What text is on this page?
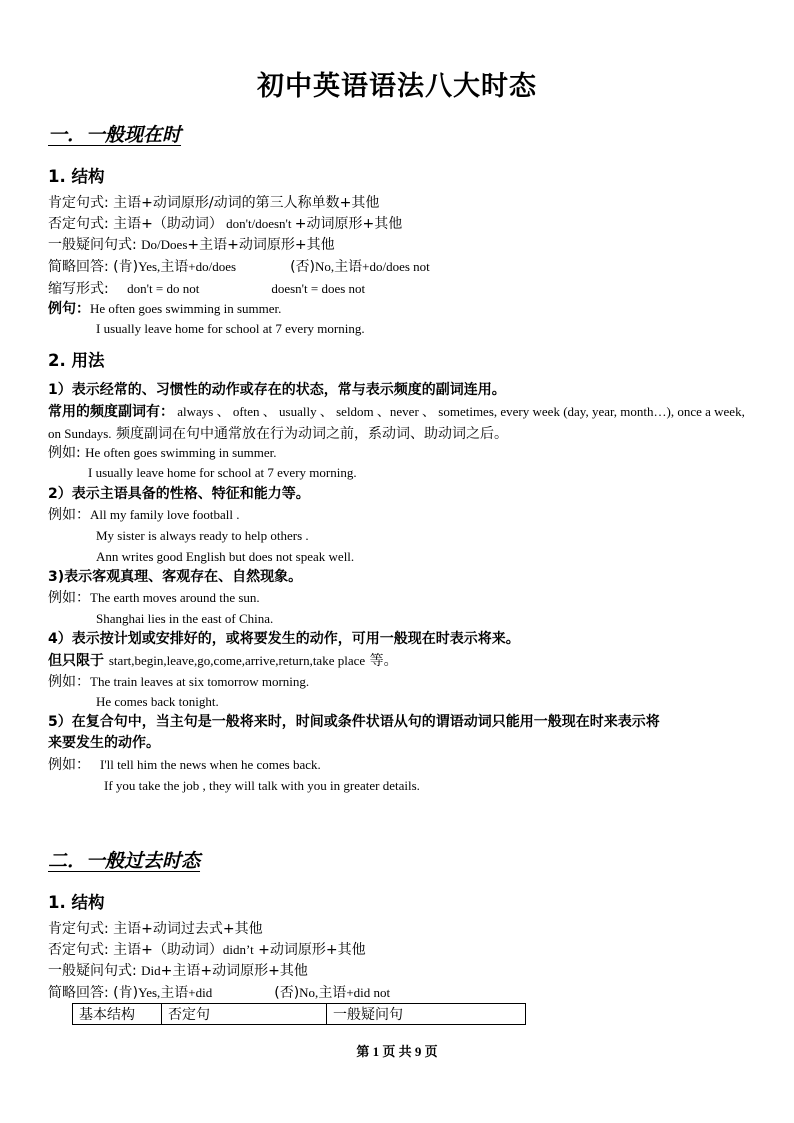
初中英语语法八大时态
一．一般现在时
1. 结构
肯定句式: 主语+动词原形/动词的第三人称单数+其他
否定句式: 主语+（助动词） don't/doesn't +动词原形+其他
一般疑问句式: Do/Does+主语+动词原形+其他
简略回答: (肯)Yes,主语+do/does	(否)No,主语+do/does not
缩写形式: don't = do not	doesn't = does not
例句：He often goes swimming in summer.
I usually leave home for school at 7 every morning.
2. 用法
1）表示经常的、习惯性的动作或存在的状态，常与表示频度的副词连用。
常用的频度副词有： always 、 often 、 usually 、 seldom 、never 、 sometimes, every week (day, year, month…), once a week, on Sundays. 频度副词在句中通常放在行为动词之前，系动词、助动词之后。
例如: He often goes swimming in summer.
I usually leave home for school at 7 every morning.
2）表示主语具备的性格、特征和能力等。
例如：All my family love football .
My sister is always ready to help others .
Ann writes good English but does not speak well.
3)表示客观真理、客观存在、自然现象。
例如：The earth moves around the sun.
Shanghai lies in the east of China.
4）表示按计划或安排好的，或将要发生的动作，可用一般现在时表示将来。
但只限于 start,begin,leave,go,come,arrive,return,take place 等。
例如：The train leaves at six tomorrow morning.
He comes back tonight.
5）在复合句中，当主句是一般将来时，时间或条件状语从句的谓语动词只能用一般现在时来表示将
来要发生的动作。
例如： I'll tell him the news when he comes back.
If you take the job , they will talk with you in greater details.
二．一般过去时态
1. 结构
肯定句式: 主语+动词过去式+其他
否定句式: 主语+（助动词）didn’t +动词原形+其他
一般疑问句式: Did+主语+动词原形+其他
简略回答: (肯)Yes,主语+did	(否)No,主语+did not
基本结构	否定句	一般疑问句
第 1 页 共 9 页
